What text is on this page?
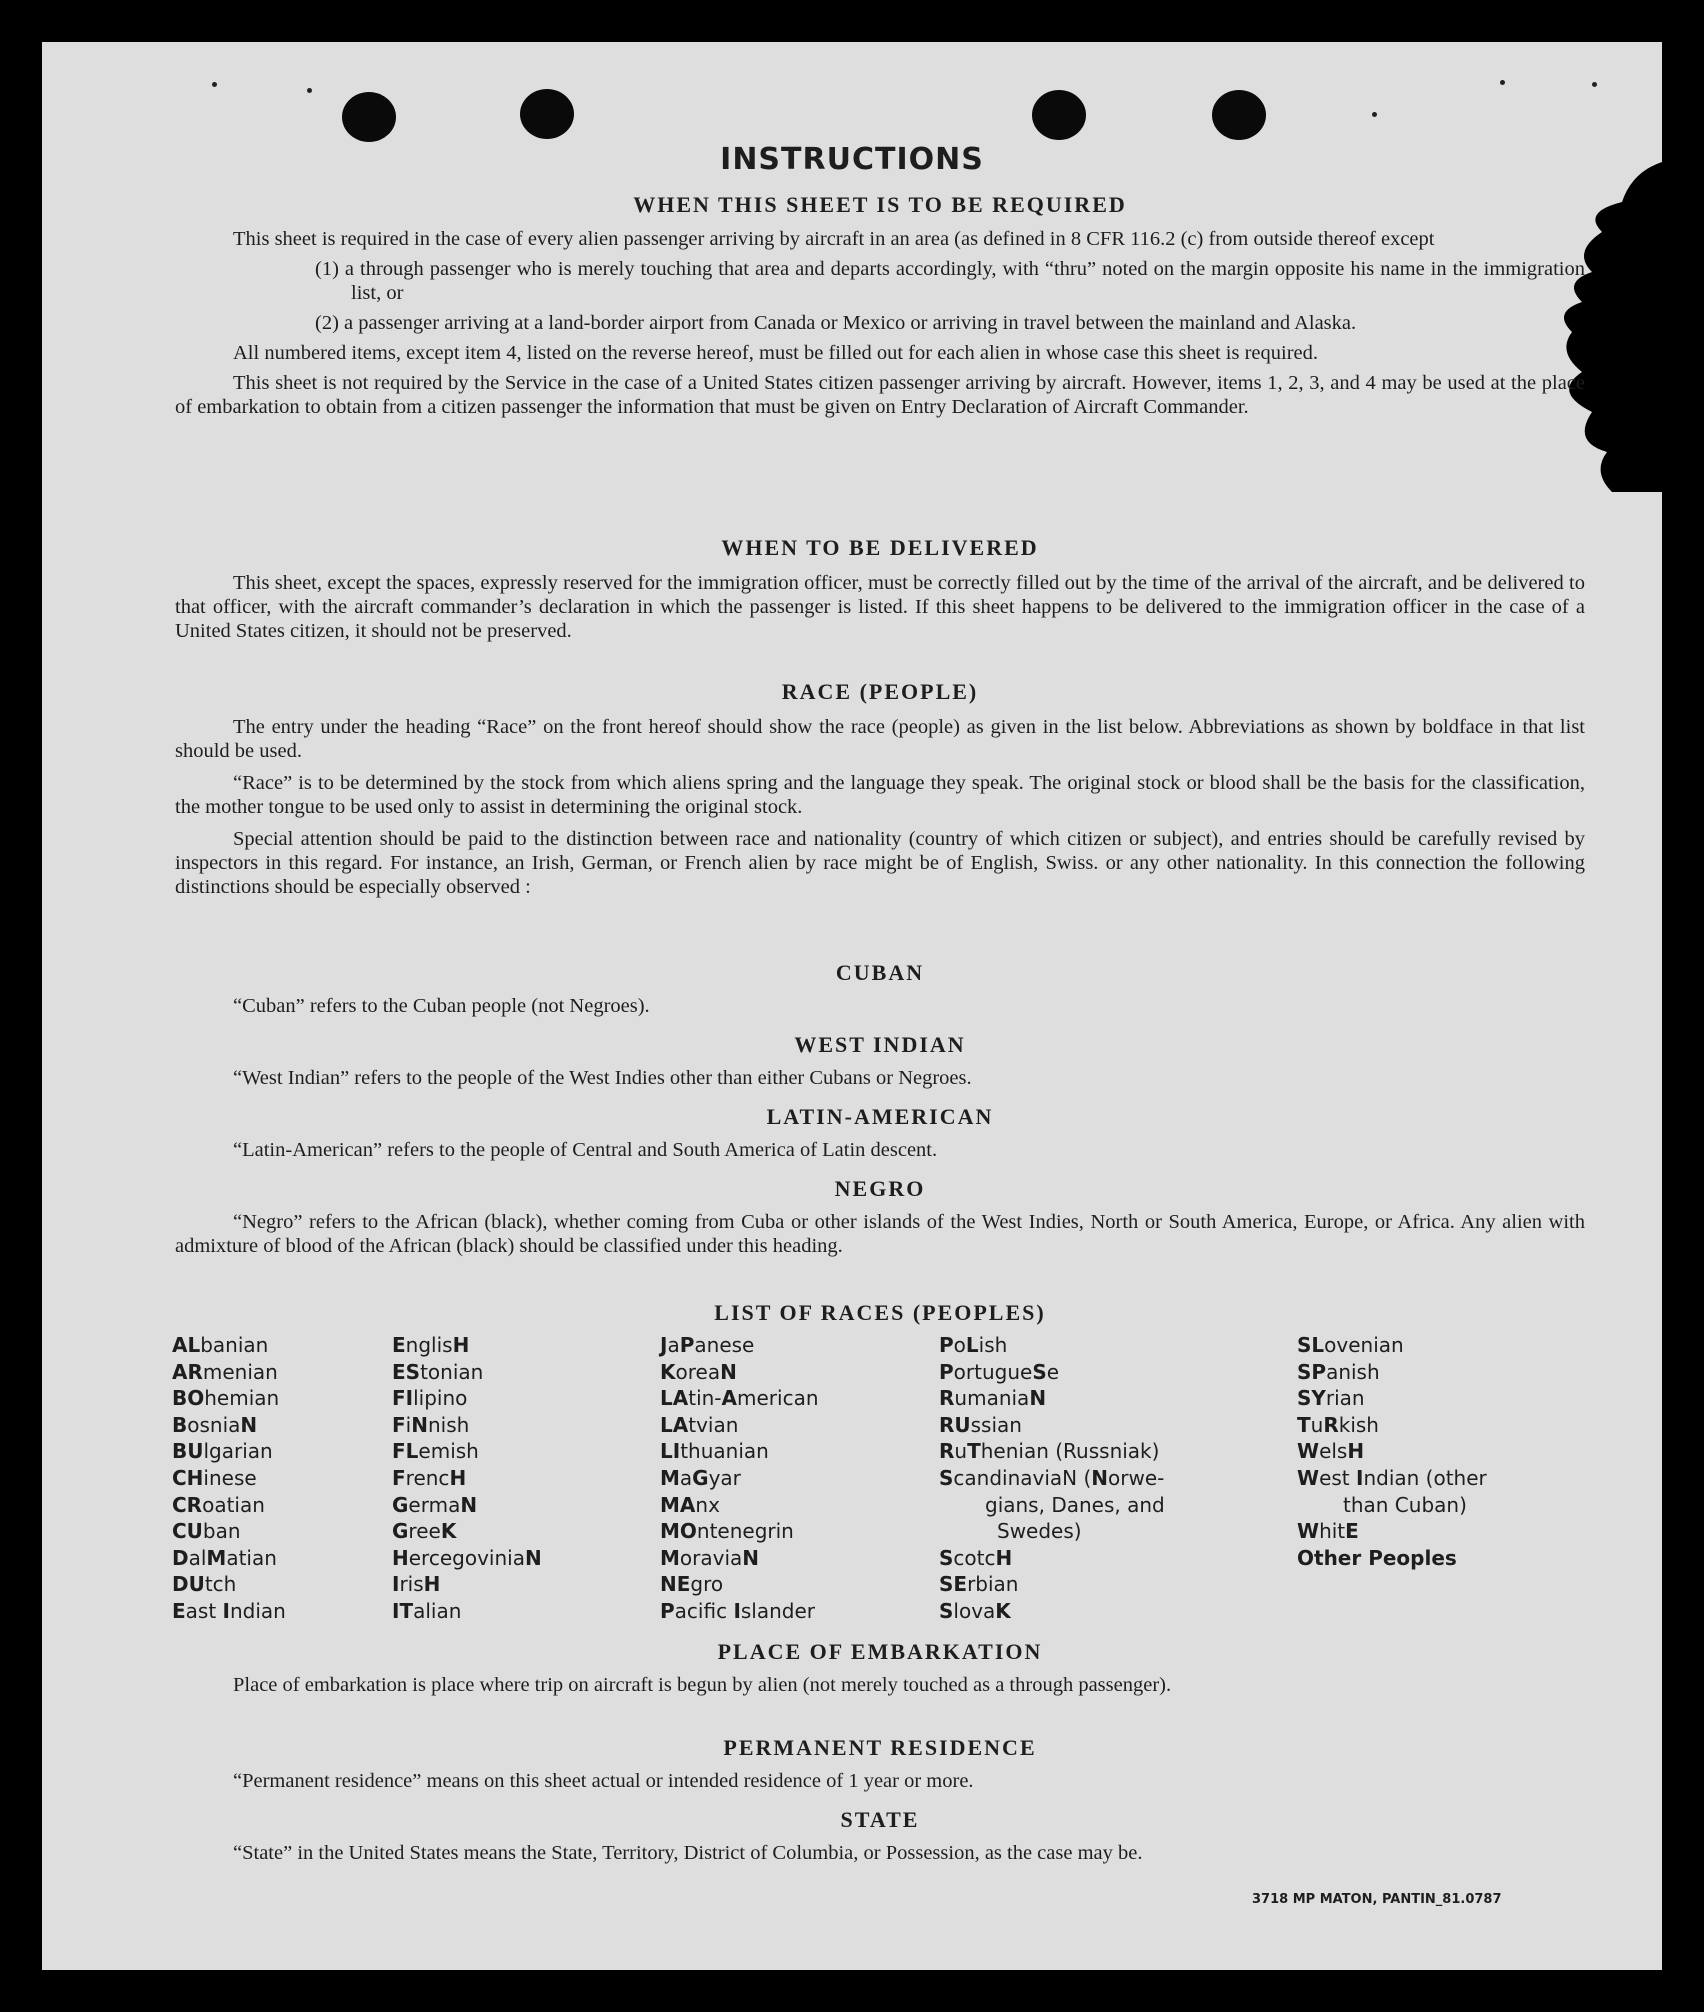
INSTRUCTIONS

WHEN THIS SHEET IS TO BE REQUIRED

This sheet is required in the case of every alien passenger arriving by aircraft in an area (as defined in 8 CFR 116.2 (c) from outside thereof except

(1) a through passenger who is merely touching that area and departs accordingly, with “thru” noted on the margin opposite his name in the immigration list, or

(2) a passenger arriving at a land-border airport from Canada or Mexico or arriving in travel between the mainland and Alaska.

All numbered items, except item 4, listed on the reverse hereof, must be filled out for each alien in whose case this sheet is required.

This sheet is not required by the Service in the case of a United States citizen passenger arriving by aircraft. However, items 1, 2, 3, and 4 may be used at the place of embarkation to obtain from a citizen passenger the information that must be given on Entry Declaration of Aircraft Commander.

WHEN TO BE DELIVERED

This sheet, except the spaces, expressly reserved for the immigration officer, must be correctly filled out by the time of the arrival of the aircraft, and be delivered to that officer, with the aircraft commander’s declaration in which the passenger is listed. If this sheet happens to be delivered to the immigration officer in the case of a United States citizen, it should not be preserved.

RACE (PEOPLE)

The entry under the heading “Race” on the front hereof should show the race (people) as given in the list below. Abbreviations as shown by boldface in that list should be used.

“Race” is to be determined by the stock from which aliens spring and the language they speak. The original stock or blood shall be the basis for the classification, the mother tongue to be used only to assist in determining the original stock.

Special attention should be paid to the distinction between race and nationality (country of which citizen or subject), and entries should be carefully revised by inspectors in this regard. For instance, an Irish, German, or French alien by race might be of English, Swiss. or any other nationality. In this connection the following distinctions should be especially observed :

CUBAN

“Cuban” refers to the Cuban people (not Negroes).

WEST INDIAN

“West Indian” refers to the people of the West Indies other than either Cubans or Negroes.

LATIN-AMERICAN

“Latin-American” refers to the people of Central and South America of Latin descent.

NEGRO

“Negro” refers to the African (black), whether coming from Cuba or other islands of the West Indies, North or South America, Europe, or Africa. Any alien with admixture of blood of the African (black) should be classified under this heading.

LIST OF RACES (PEOPLES)

ALbanian
ARmenian
BOhemian
BosniaN
BUlgarian
CHinese
CRoatian
CUban
DalMatian
DUtch
East Indian
EnglisH
EStonian
FIlipino
FiNnish
FLemish
FrencH
GermaN
GreeK
HercegoviniaN
IrisH
ITalian
JaPanese
KoreaN
LAtin-American
LAtvian
LIthuanian
MaGyar
MAnx
MOntenegrin
MoraviaN
NEgro
Pacific Islander
PoLish
PortugueSe
RumaniaN
RUssian
RuThenian (Russniak)
ScandinaviaN (Norwe-
gians, Danes, and
Swedes)
ScotcH
SErbian
SlovaK
SLovenian
SPanish
SYrian
TuRkish
WelsH
West Indian (other
than Cuban)
WhitE
Other Peoples

PLACE OF EMBARKATION

Place of embarkation is place where trip on aircraft is begun by alien (not merely touched as a through passenger).

PERMANENT RESIDENCE

“Permanent residence” means on this sheet actual or intended residence of 1 year or more.

STATE

“State” in the United States means the State, Territory, District of Columbia, or Possession, as the case may be.

3718 MP MATON, PANTIN_81.0787
